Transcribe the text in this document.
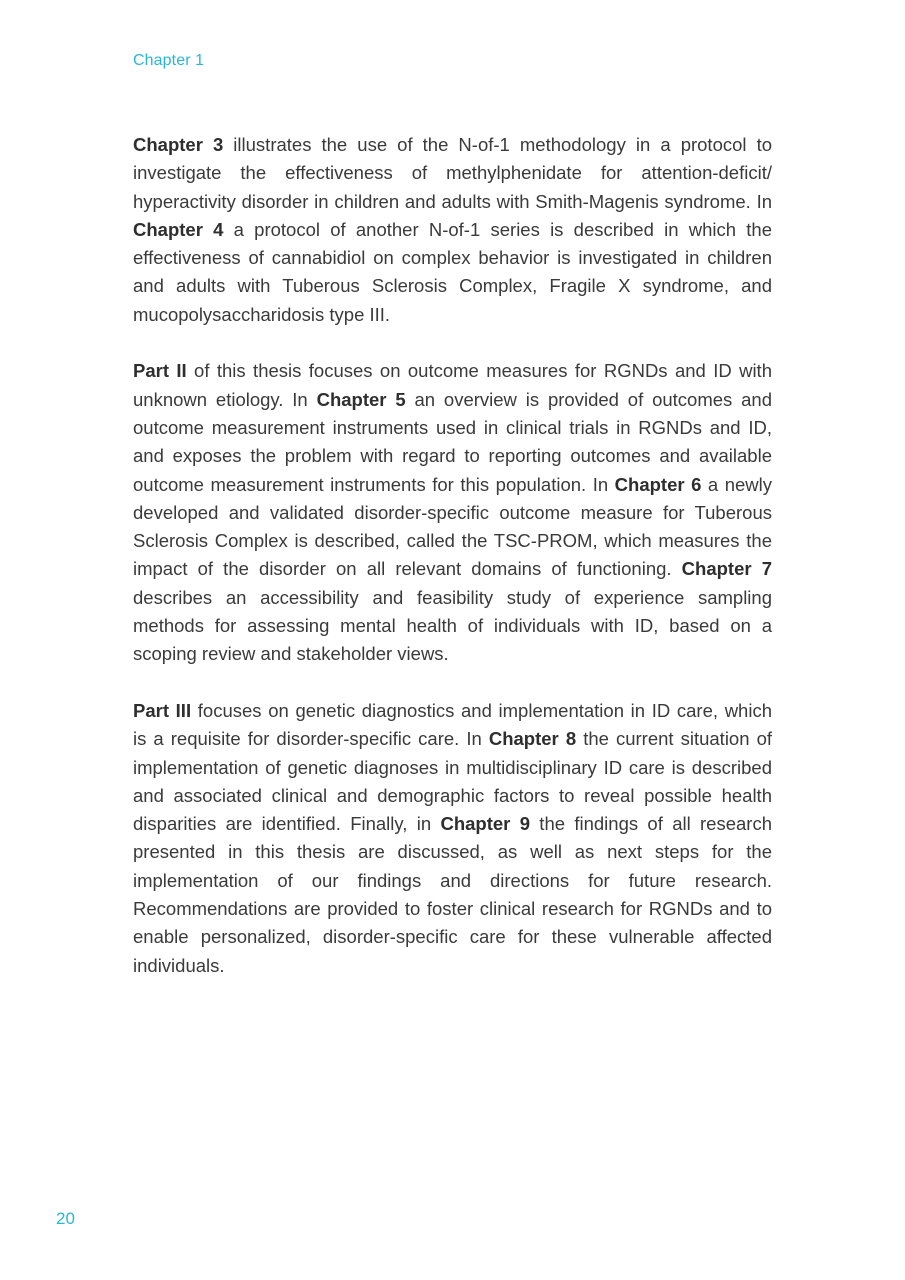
Chapter 1

Chapter 3 illustrates the use of the N-of-1 methodology in a protocol to investigate the effectiveness of methylphenidate for attention-deficit/ hyperactivity disorder in children and adults with Smith-Magenis syndrome. In Chapter 4 a protocol of another N-of-1 series is described in which the effectiveness of cannabidiol on complex behavior is investigated in children and adults with Tuberous Sclerosis Complex, Fragile X syndrome, and mucopolysaccharidosis type III.

Part II of this thesis focuses on outcome measures for RGNDs and ID with unknown etiology. In Chapter 5 an overview is provided of outcomes and outcome measurement instruments used in clinical trials in RGNDs and ID, and exposes the problem with regard to reporting outcomes and available outcome measurement instruments for this population. In Chapter 6 a newly developed and validated disorder-specific outcome measure for Tuberous Sclerosis Complex is described, called the TSC-PROM, which measures the impact of the disorder on all relevant domains of functioning. Chapter 7 describes an accessibility and feasibility study of experience sampling methods for assessing mental health of individuals with ID, based on a scoping review and stakeholder views.

Part III focuses on genetic diagnostics and implementation in ID care, which is a requisite for disorder-specific care. In Chapter 8 the current situation of implementation of genetic diagnoses in multidisciplinary ID care is described and associated clinical and demographic factors to reveal possible health disparities are identified. Finally, in Chapter 9 the findings of all research presented in this thesis are discussed, as well as next steps for the implementation of our findings and directions for future research. Recommendations are provided to foster clinical research for RGNDs and to enable personalized, disorder-specific care for these vulnerable affected individuals.

20
